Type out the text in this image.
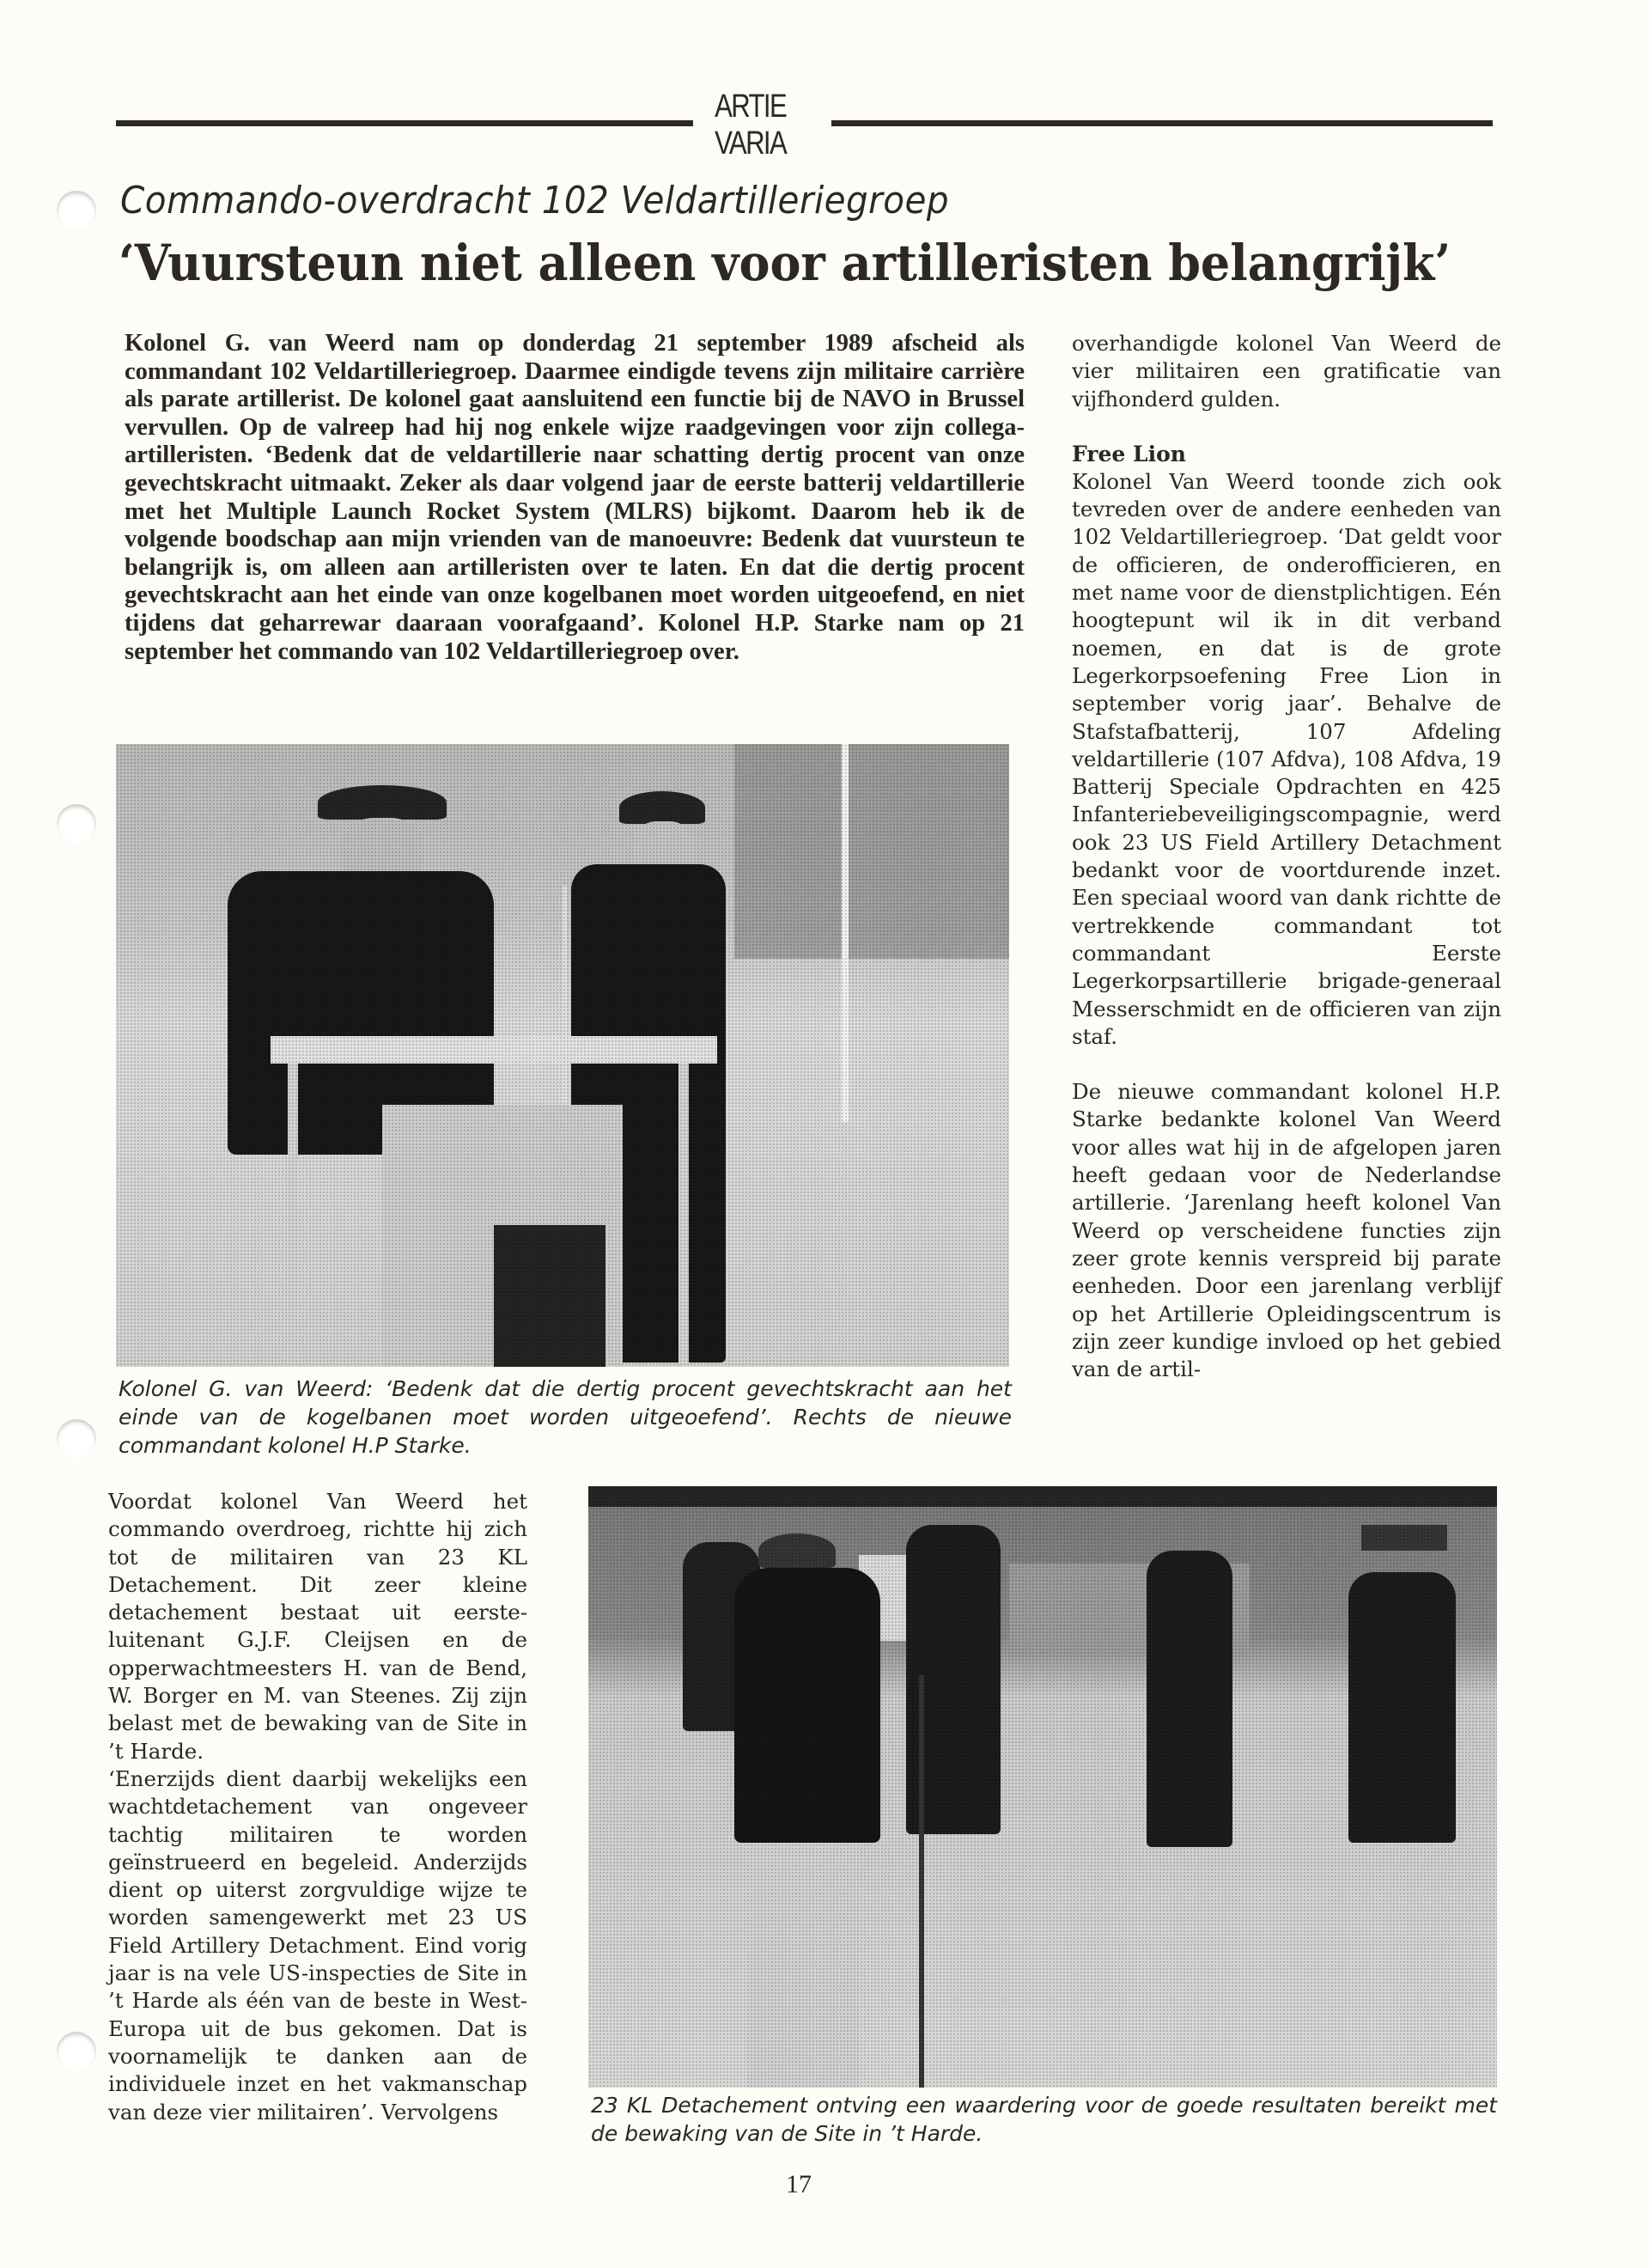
ARTIE VARIA
Commando-overdracht 102 Veldartilleriegroep
‘Vuursteun niet alleen voor artilleristen belangrijk’
Kolonel G. van Weerd nam op donderdag 21 september 1989 afscheid als commandant 102 Veldartilleriegroep. Daarmee eindigde tevens zijn militaire carrière als parate artillerist. De kolonel gaat aansluitend een functie bij de NAVO in Brussel vervullen. Op de valreep had hij nog enkele wijze raadgevingen voor zijn collega-artilleristen. ‘Bedenk dat de veldartillerie naar schatting dertig procent van onze gevechtskracht uitmaakt. Zeker als daar volgend jaar de eerste batterij veldartillerie met het Multiple Launch Rocket System (MLRS) bijkomt. Daarom heb ik de volgende boodschap aan mijn vrienden van de manoeuvre: Bedenk dat vuursteun te belangrijk is, om alleen aan artilleristen over te laten. En dat die dertig procent gevechtskracht aan het einde van onze kogelbanen moet worden uitgeoefend, en niet tijdens dat geharrewar daaraan voorafgaand’. Kolonel H.P. Starke nam op 21 september het commando van 102 Veldartilleriegroep over.

overhandigde kolonel Van Weerd de vier militairen een gratificatie van vijfhonderd gulden.

Free Lion

Kolonel Van Weerd toonde zich ook tevreden over de andere eenheden van 102 Veldartilleriegroep. ‘Dat geldt voor de officieren, de onderofficieren, en met name voor de dienstplichtigen. Eén hoogtepunt wil ik in dit verband noemen, en dat is de grote Legerkorpsoefening Free Lion in september vorig jaar’. Behalve de Stafstafbatterij, 107 Afdeling veldartillerie (107 Afdva), 108 Afdva, 19 Batterij Speciale Opdrachten en 425 Infanteriebeveiligingscompagnie, werd ook 23 US Field Artillery Detachment bedankt voor de voortdurende inzet. Een speciaal woord van dank richtte de vertrekkende commandant tot commandant Eerste Legerkorpsartillerie brigade-generaal Messerschmidt en de officieren van zijn staf.

De nieuwe commandant kolonel H.P. Starke bedankte kolonel Van Weerd voor alles wat hij in de afgelopen jaren heeft gedaan voor de Nederlandse artillerie. ‘Jarenlang heeft kolonel Van Weerd op verscheidene functies zijn zeer grote kennis verspreid bij parate eenheden. Door een jarenlang verblijf op het Artillerie Opleidingscentrum is zijn zeer kundige invloed op het gebied van de artil-

Kolonel G. van Weerd: ‘Bedenk dat die dertig procent gevechtskracht aan het einde van de kogelbanen moet worden uitgeoefend’. Rechts de nieuwe commandant kolonel H.P Starke.

Voordat kolonel Van Weerd het commando overdroeg, richtte hij zich tot de militairen van 23 KL Detachement. Dit zeer kleine detachement bestaat uit eerste-luitenant G.J.F. Cleijsen en de opperwachtmeesters H. van de Bend, W. Borger en M. van Steenes. Zij zijn belast met de bewaking van de Site in ’t Harde.

‘Enerzijds dient daarbij wekelijks een wachtdetachement van ongeveer tachtig militairen te worden geïnstrueerd en begeleid. Anderzijds dient op uiterst zorgvuldige wijze te worden samengewerkt met 23 US Field Artillery Detachment. Eind vorig jaar is na vele US-inspecties de Site in ’t Harde als één van de beste in West-Europa uit de bus gekomen. Dat is voornamelijk te danken aan de individuele inzet en het vakmanschap van deze vier militairen’. Vervolgens	23 KL Detachement ontving een waardering voor de goede resultaten bereikt met de bewaking van de Site in ’t Harde.
17
